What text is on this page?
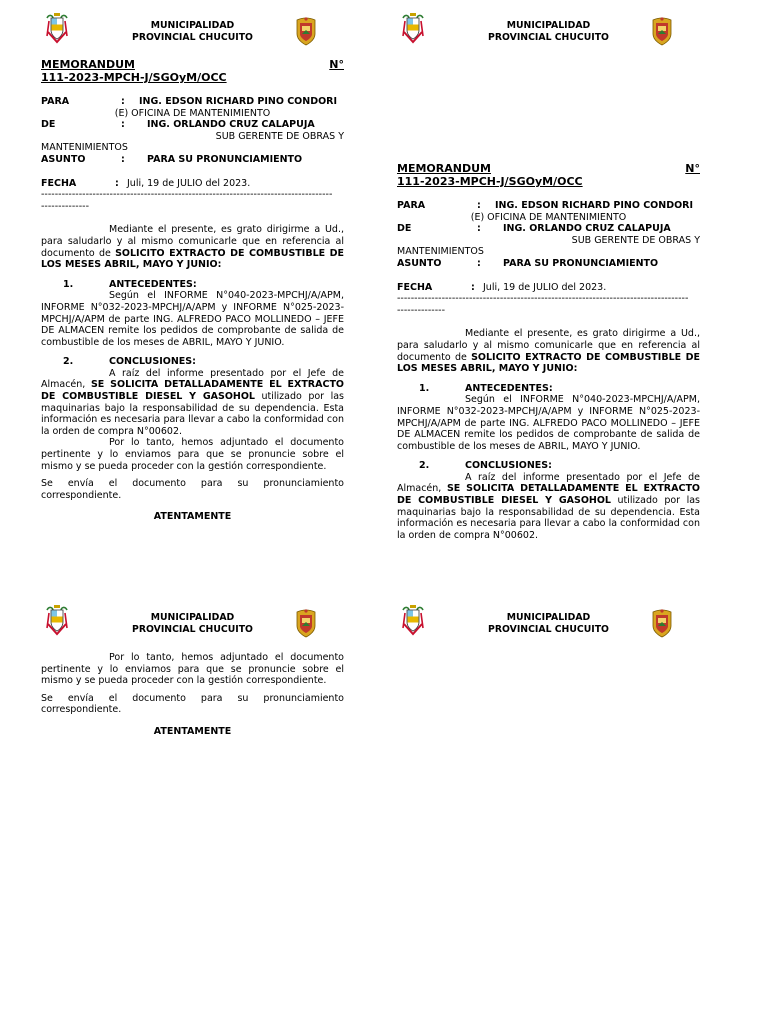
MUNICIPALIDAD
PROVINCIAL CHUCUITO
MEMORANDUM	N°
111-2023-MPCH-J/SGOyM/OCC
PARA	:	ING. EDSON RICHARD PINO CONDORI
(E) OFICINA DE MANTENIMIENTO
DE	:	ING. ORLANDO CRUZ CALAPUJA
SUB GERENTE DE OBRAS Y
MANTENIMIENTOS
ASUNTO	:	PARA SU PRONUNCIAMIENTO
FECHA	: Juli, 19 de JULIO del 2023.
-------------------------------------------------------------------------------------
--------------
Mediante el presente, es grato dirigirme a Ud., para saludarlo y al mismo comunicarle que en referencia al documento de SOLICITO EXTRACTO DE COMBUSTIBLE DE LOS MESES ABRIL, MAYO Y JUNIO:
1.	ANTECEDENTES:
Según el INFORME N°040-2023-MPCHJ/A/APM, INFORME N°032-2023-MPCHJ/A/APM y INFORME N°025-2023-MPCHJ/A/APM de parte ING. ALFREDO PACO MOLLINEDO – JEFE DE ALMACEN remite los pedidos de comprobante de salida de combustible de los meses de ABRIL, MAYO Y JUNIO.
2.	CONCLUSIONES:
A raíz del informe presentado por el Jefe de Almacén, SE SOLICITA DETALLADAMENTE EL EXTRACTO DE COMBUSTIBLE DIESEL Y GASOHOL utilizado por las maquinarias bajo la responsabilidad de su dependencia. Esta información es necesaria para llevar a cabo la conformidad con la orden de compra N°00602.
Por lo tanto, hemos adjuntado el documento pertinente y lo enviamos para que se pronuncie sobre el mismo y se pueda proceder con la gestión correspondiente.
Se envía el documento para su pronunciamiento correspondiente.
ATENTAMENTE
MUNICIPALIDAD
PROVINCIAL CHUCUITO
MEMORANDUM	N°
111-2023-MPCH-J/SGOyM/OCC
PARA	:	ING. EDSON RICHARD PINO CONDORI
(E) OFICINA DE MANTENIMIENTO
DE	:	ING. ORLANDO CRUZ CALAPUJA
SUB GERENTE DE OBRAS Y
MANTENIMIENTOS
ASUNTO	:	PARA SU PRONUNCIAMIENTO
FECHA	: Juli, 19 de JULIO del 2023.
-------------------------------------------------------------------------------------
--------------
Mediante el presente, es grato dirigirme a Ud., para saludarlo y al mismo comunicarle que en referencia al documento de SOLICITO EXTRACTO DE COMBUSTIBLE DE LOS MESES ABRIL, MAYO Y JUNIO:
1.	ANTECEDENTES:
Según el INFORME N°040-2023-MPCHJ/A/APM, INFORME N°032-2023-MPCHJ/A/APM y INFORME N°025-2023-MPCHJ/A/APM de parte ING. ALFREDO PACO MOLLINEDO – JEFE DE ALMACEN remite los pedidos de comprobante de salida de combustible de los meses de ABRIL, MAYO Y JUNIO.
2.	CONCLUSIONES:
A raíz del informe presentado por el Jefe de Almacén, SE SOLICITA DETALLADAMENTE EL EXTRACTO DE COMBUSTIBLE DIESEL Y GASOHOL utilizado por las maquinarias bajo la responsabilidad de su dependencia. Esta información es necesaria para llevar a cabo la conformidad con la orden de compra N°00602.
MUNICIPALIDAD
PROVINCIAL CHUCUITO
Por lo tanto, hemos adjuntado el documento pertinente y lo enviamos para que se pronuncie sobre el mismo y se pueda proceder con la gestión correspondiente.
Se envía el documento para su pronunciamiento correspondiente.
ATENTAMENTE
MUNICIPALIDAD
PROVINCIAL CHUCUITO
